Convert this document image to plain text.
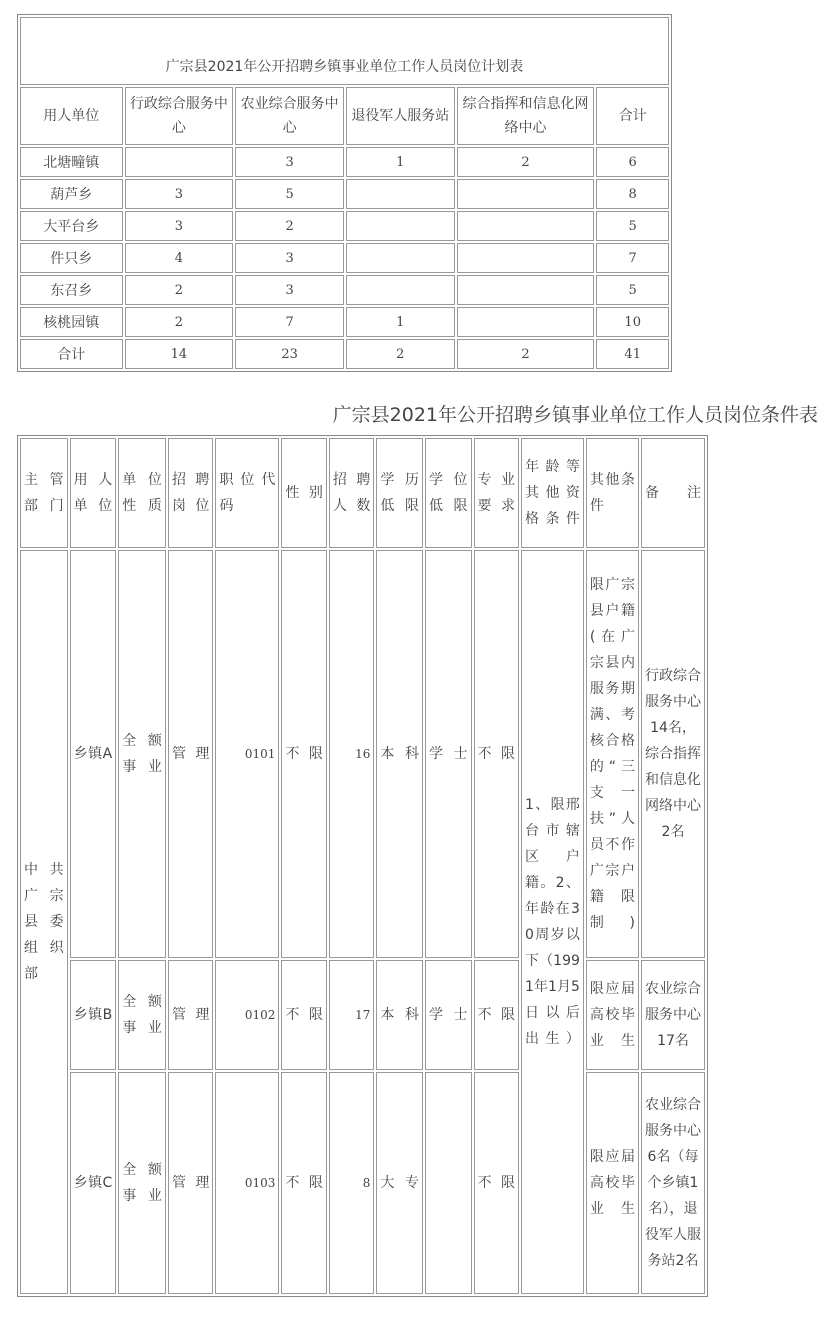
广宗县2021年公开招聘乡镇事业单位工作人员岗位计划表					
用人单位	行政综合服务中心	农业综合服务中心	退役军人服务站	综合指挥和信息化网络中心	合计
北塘疃镇		3	1	2	6
葫芦乡	3	5			8
大平台乡	3	2			5
件只乡	4	3			7
东召乡	2	3			5
核桃园镇	2	7	1		10
合计	14	23	2	2	41
广宗县2021年公开招聘乡镇事业单位工作人员岗位条件表
主管部门	用人单位	单位性质	招聘岗位	职位代码	性别	招聘人数	学历低限	学位低限	专业要求	年龄等其他资格条件	其他条件	备注
中共广宗县委组织部	乡镇A	全额事业	管理	0101	不限	16	本科	学士	不限	1、限邢台市辖区户籍。2、年龄在30周岁以下（1991年1月5日以后出生）	限广宗县户籍(在广宗县内服务期满、考核合格的“三支一扶”人员不作广宗户籍限制)	行政综合服务中心14名，综合指挥和信息化网络中心2名
	乡镇B	全额事业	管理	0102	不限	17	本科	学士	不限		限应届高校毕业生	农业综合服务中心17名
	乡镇C	全额事业	管理	0103	不限	8	大专		不限		限应届高校毕业生	农业综合服务中心6名（每个乡镇1名），退役军人服务站2名
